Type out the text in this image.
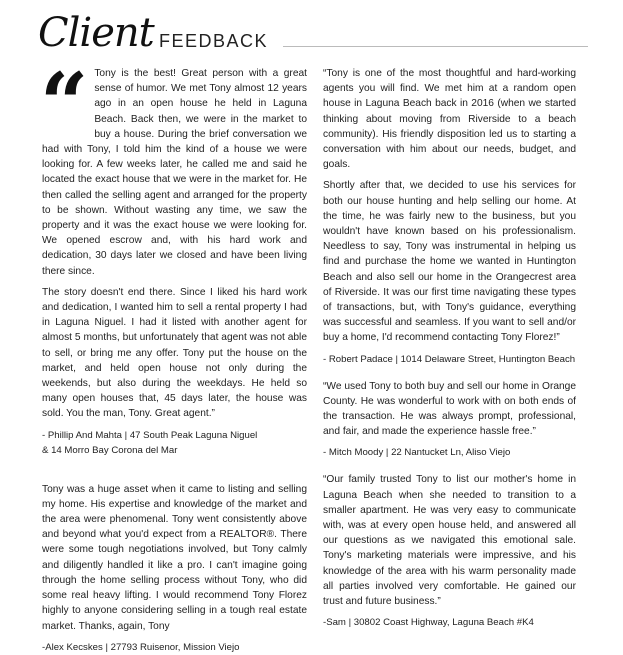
Client FEEDBACK
“ Tony is the best! Great person with a great sense of humor. We met Tony almost 12 years ago in an open house he held in Laguna Beach. Back then, we were in the market to buy a house. During the brief conversation we had with Tony, I told him the kind of a house we were looking for. A few weeks later, he called me and said he located the exact house that we were in the market for. He then called the selling agent and arranged for the property to be shown. Without wasting any time, we saw the property and it was the exact house we were looking for. We opened escrow and, with his hard work and dedication, 30 days later we closed and have been living there since.

The story doesn't end there. Since I liked his hard work and dedication, I wanted him to sell a rental property I had in Laguna Niguel. I had it listed with another agent for almost 5 months, but unfortunately that agent was not able to sell, or bring me any offer. Tony put the house on the market, and held open house not only during the weekends, but also during the weekdays. He held so many open houses that, 45 days later, the house was sold. You the man, Tony. Great agent.”

- Phillip And Mahta | 47 South Peak Laguna Niguel
& 14 Morro Bay Corona del Mar

Tony was a huge asset when it came to listing and selling my home. His expertise and knowledge of the market and the area were phenomenal. Tony went consistently above and beyond what you'd expect from a REALTOR®. There were some tough negotiations involved, but Tony calmly and diligently handled it like a pro. I can't imagine going through the home selling process without Tony, who did some real heavy lifting. I would recommend Tony Florez highly to anyone considering selling in a tough real estate market. Thanks, again, Tony

-Alex Kecskes | 27793 Ruisenor, Mission Viejo

“Tony is one of the most thoughtful and hard-working agents you will find. We met him at a random open house in Laguna Beach back in 2016 (when we started thinking about moving from Riverside to a beach community). His friendly disposition led us to starting a conversation with him about our needs, budget, and goals.

Shortly after that, we decided to use his services for both our house hunting and help selling our home. At the time, he was fairly new to the business, but you wouldn't have known based on his professionalism. Needless to say, Tony was instrumental in helping us find and purchase the home we wanted in Huntington Beach and also sell our home in the Orangecrest area of Riverside. It was our first time navigating these types of transactions, but, with Tony's guidance, everything was successful and seamless. If you want to sell and/or buy a home, I'd recommend contacting Tony Florez!”

- Robert Padace | 1014 Delaware Street, Huntington Beach

“We used Tony to both buy and sell our home in Orange County. He was wonderful to work with on both ends of the transaction. He was always prompt, professional, and fair, and made the experience hassle free.”

- Mitch Moody | 22 Nantucket Ln, Aliso Viejo

“Our family trusted Tony to list our mother's home in Laguna Beach when she needed to transition to a smaller apartment. He was very easy to communicate with, was at every open house held, and answered all our questions as we navigated this emotional sale. Tony's marketing materials were impressive, and his knowledge of the area with his warm personality made all parties involved very comfortable. He gained our trust and future business.”

-Sam | 30802 Coast Highway, Laguna Beach #K4
